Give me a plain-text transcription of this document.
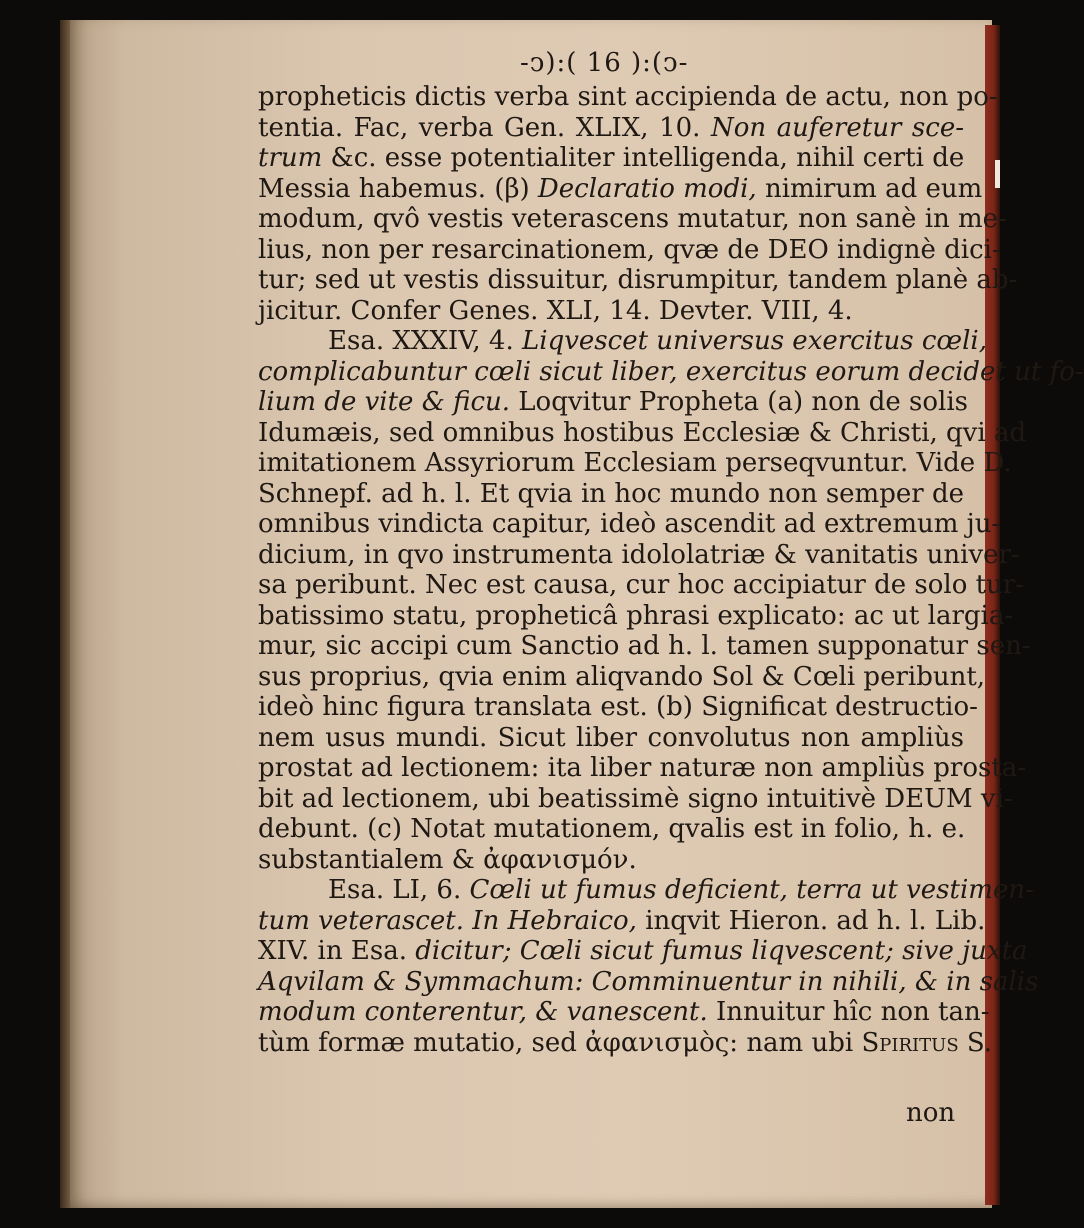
-ↄ):( 16 ):(ↄ-
propheticis dictis verba sint accipienda de actu, non po-
tentia. Fac, verba Gen. XLIX, 10. Non auferetur sce-
trum &c. esse potentialiter intelligenda, nihil certi de
Messia habemus. (β) Declaratio modi, nimirum ad eum
modum, qvô vestis veterascens mutatur, non sanè in me-
lius, non per resarcinationem, qvæ de DEO indignè dici-
tur; sed ut vestis dissuitur, disrumpitur, tandem planè ab-
jicitur. Confer Genes. XLI, 14. Devter. VIII, 4.
Esa. XXXIV, 4. Liqvescet universus exercitus cœli,
complicabuntur cœli sicut liber, exercitus eorum decidet ut fo-
lium de vite & ficu. Loqvitur Propheta (a) non de solis
Idumæis, sed omnibus hostibus Ecclesiæ & Christi, qvi ad
imitationem Assyriorum Ecclesiam perseqvuntur. Vide D.
Schnepf. ad h. l. Et qvia in hoc mundo non semper de
omnibus vindicta capitur, ideò ascendit ad extremum ju-
dicium, in qvo instrumenta idololatriæ & vanitatis univer-
sa peribunt. Nec est causa, cur hoc accipiatur de solo tur-
batissimo statu, propheticâ phrasi explicato: ac ut largia-
mur, sic accipi cum Sanctio ad h. l. tamen supponatur sen-
sus proprius, qvia enim aliqvando Sol & Cœli peribunt,
ideò hinc figura translata est. (b) Significat destructio-
nem usus mundi. Sicut liber convolutus non ampliùs
prostat ad lectionem: ita liber naturæ non ampliùs prosta-
bit ad lectionem, ubi beatissimè signo intuitivè DEUM vi-
debunt. (c) Notat mutationem, qvalis est in folio, h. e.
substantialem & ἀφανισμόν.
Esa. LI, 6. Cœli ut fumus deficient, terra ut vestimen-
tum veterascet. In Hebraico, inqvit Hieron. ad h. l. Lib.
XIV. in Esa. dicitur; Cœli sicut fumus liqvescent; sive juxta
Aqvilam & Symmachum: Comminuentur in nihili, & in salis
modum conterentur, & vanescent. Innuitur hîc non tan-
tùm formæ mutatio, sed ἀφανισμὸς: nam ubi Spiritus S.
non
